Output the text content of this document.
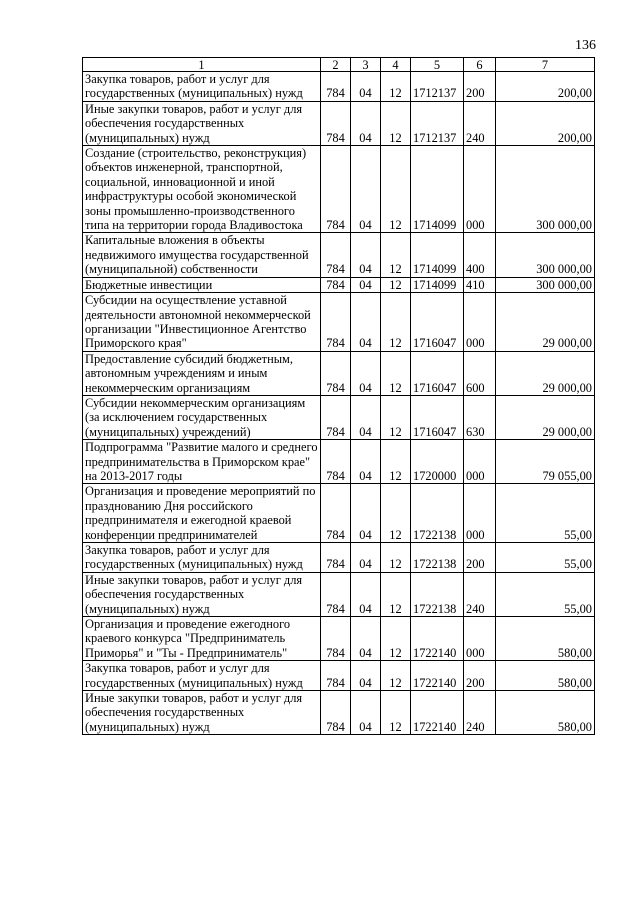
136
1	2	3	4	5	6	7
Закупка товаров, работ и услуг для государственных (муниципальных) нужд	784	04	12	1712137	200	200,00
Иные закупки товаров, работ и услуг для обеспечения государственных (муниципальных) нужд	784	04	12	1712137	240	200,00
Создание (строительство, реконструкция) объектов инженерной, транспортной, социальной, инновационной и иной инфраструктуры особой экономической зоны промышленно-производственного типа на территории города Владивостока	784	04	12	1714099	000	300 000,00
Капитальные вложения в объекты недвижимого имущества государственной (муниципальной) собственности	784	04	12	1714099	400	300 000,00
Бюджетные инвестиции	784	04	12	1714099	410	300 000,00
Субсидии на осуществление уставной деятельности автономной некоммерческой организации "Инвестиционное Агентство Приморского края"	784	04	12	1716047	000	29 000,00
Предоставление субсидий бюджетным, автономным учреждениям и иным некоммерческим организациям	784	04	12	1716047	600	29 000,00
Субсидии некоммерческим организациям (за исключением государственных (муниципальных) учреждений)	784	04	12	1716047	630	29 000,00
Подпрограмма "Развитие малого и среднего предпринимательства в Приморском крае" на 2013-2017 годы	784	04	12	1720000	000	79 055,00
Организация и проведение мероприятий по празднованию Дня российского предпринимателя и ежегодной краевой конференции предпринимателей	784	04	12	1722138	000	55,00
Закупка товаров, работ и услуг для государственных (муниципальных) нужд	784	04	12	1722138	200	55,00
Иные закупки товаров, работ и услуг для обеспечения государственных (муниципальных) нужд	784	04	12	1722138	240	55,00
Организация и проведение ежегодного краевого конкурса "Предприниматель Приморья" и "Ты - Предприниматель"	784	04	12	1722140	000	580,00
Закупка товаров, работ и услуг для государственных (муниципальных) нужд	784	04	12	1722140	200	580,00
Иные закупки товаров, работ и услуг для обеспечения государственных (муниципальных) нужд	784	04	12	1722140	240	580,00
